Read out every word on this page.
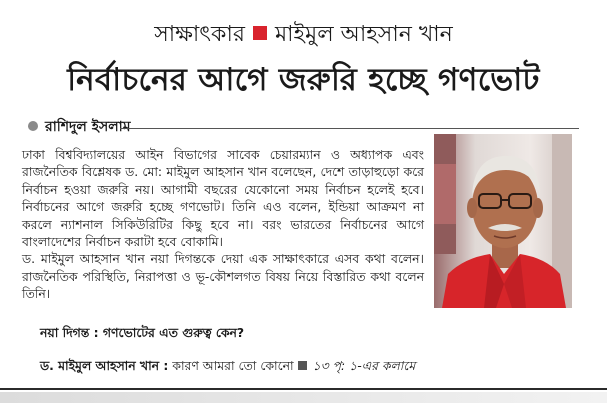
সাক্ষাৎকার মাইমুল আহসান খান
নির্বাচনের আগে জরুরি হচ্ছে গণভোট
রাশিদুল ইসলাম

ঢাকা বিশ্ববিদ্যালয়ের আইন বিভাগের সাবেক চেয়ারম্যান ও অধ্যাপক এবং রাজনৈতিক বিশ্লেষক ড. মো: মাইমুল আহসান খান বলেছেন, দেশে তাড়াহুড়ো করে নির্বাচন হওয়া জরুরি নয়। আগামী বছরের যেকোনো সময় নির্বাচন হলেই হবে। নির্বাচনের আগে জরুরি হচ্ছে গণভোট। তিনি এও বলেন, ইন্ডিয়া আক্রমণ না করলে ন্যাশনাল সিকিউরিটির কিছু হবে না। বরং ভারতের নির্বাচনের আগে বাংলাদেশের নির্বাচন করাটা হবে বোকামি।

ড. মাইমুল আহসান খান নয়া দিগন্তকে দেয়া এক সাক্ষাৎকারে এসব কথা বলেন। রাজনৈতিক পরিস্থিতি, নিরাপত্তা ও ভূ-কৌশলগত বিষয় নিয়ে বিস্তারিত কথা বলেন তিনি।

নয়া দিগন্ত : গণভোটের এত গুরুত্ব কেন?
ড. মাইমুল আহসান খান : কারণ আমরা তো কোনো ১৩ পৃ: ১-এর কলামে
